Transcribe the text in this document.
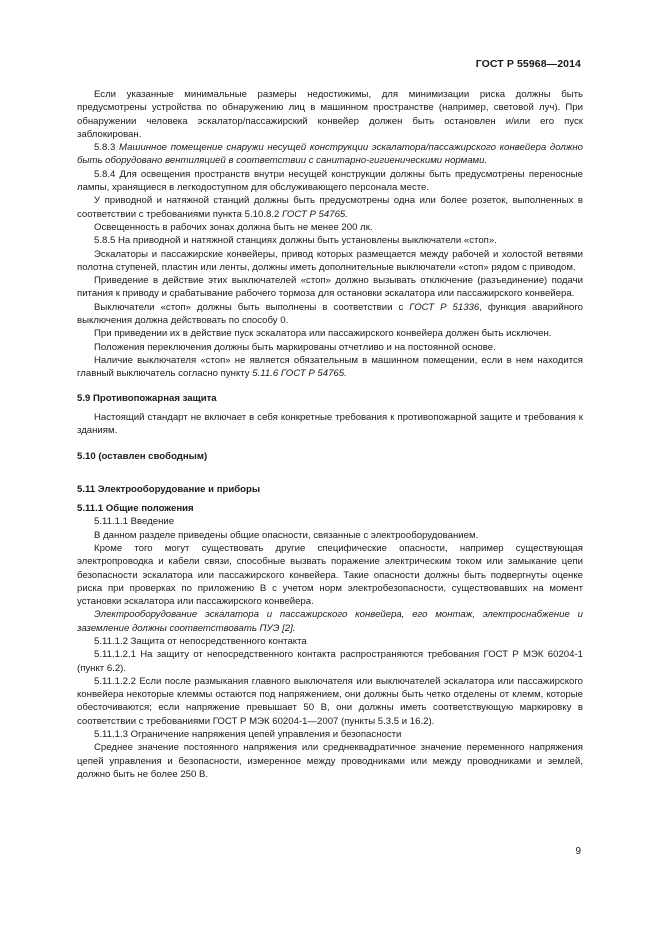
ГОСТ Р 55968—2014

Если указанные минимальные размеры недостижимы, для минимизации риска должны быть предусмотрены устройства по обнаружению лиц в машинном пространстве (например, световой луч). При обнаружении человека эскалатор/пассажирский конвейер должен быть остановлен и/или его пуск заблокирован.

5.8.3 Машинное помещение снаружи несущей конструкции эскалатора/пассажирского конвейера должно быть оборудовано вентиляцией в соответствии с санитарно-гигиеническими нормами.

5.8.4 Для освещения пространств внутри несущей конструкции должны быть предусмотрены переносные лампы, хранящиеся в легкодоступном для обслуживающего персонала месте.

У приводной и натяжной станций должны быть предусмотрены одна или более розеток, выполненных в соответствии с требованиями пункта 5.10.8.2 ГОСТ Р 54765.

Освещенность в рабочих зонах должна быть не менее 200 лк.

5.8.5 На приводной и натяжной станциях должны быть установлены выключатели «стоп».

Эскалаторы и пассажирские конвейеры, привод которых размещается между рабочей и холостой ветвями полотна ступеней, пластин или ленты, должны иметь дополнительные выключатели «стоп» рядом с приводом.

Приведение в действие этих выключателей «стоп» должно вызывать отключение (разъединение) подачи питания к приводу и срабатывание рабочего тормоза для остановки эскалатора или пассажирского конвейера.

Выключатели «стоп» должны быть выполнены в соответствии с ГОСТ Р 51336, функция аварийного выключения должна действовать по способу 0.

При приведении их в действие пуск эскалатора или пассажирского конвейера должен быть исключен.

Положения переключения должны быть маркированы отчетливо и на постоянной основе.

Наличие выключателя «стоп» не является обязательным в машинном помещении, если в нем находится главный выключатель согласно пункту 5.11.6 ГОСТ Р 54765.

5.9 Противопожарная защита

Настоящий стандарт не включает в себя конкретные требования к противопожарной защите и требования к зданиям.

5.10 (оставлен свободным)

5.11 Электрооборудование и приборы

5.11.1 Общие положения

5.11.1.1 Введение

В данном разделе приведены общие опасности, связанные с электрооборудованием.

Кроме того могут существовать другие специфические опасности, например существующая электропроводка и кабели связи, способные вызвать поражение электрическим током или замыкание цепи безопасности эскалатора или пассажирского конвейера. Такие опасности должны быть подвергнуты оценке риска при проверках по приложению В с учетом норм электробезопасности, существовавших на момент установки эскалатора или пассажирского конвейера.

Электрооборудование эскалатора и пассажирского конвейера, его монтаж, электроснабжение и заземление должны соответствовать ПУЭ [2].

5.11.1.2 Защита от непосредственного контакта

5.11.1.2.1 На защиту от непосредственного контакта распространяются требования ГОСТ Р МЭК 60204-1 (пункт 6.2).

5.11.1.2.2 Если после размыкания главного выключателя или выключателей эскалатора или пассажирского конвейера некоторые клеммы остаются под напряжением, они должны быть четко отделены от клемм, которые обесточиваются; если напряжение превышает 50 В, они должны иметь соответствующую маркировку в соответствии с требованиями ГОСТ Р МЭК 60204-1—2007 (пункты 5.3.5 и 16.2).

5.11.1.3 Ограничение напряжения цепей управления и безопасности

Среднее значение постоянного напряжения или среднеквадратичное значение переменного напряжения цепей управления и безопасности, измеренное между проводниками или между проводниками и землей, должно быть не более 250 В.

9
